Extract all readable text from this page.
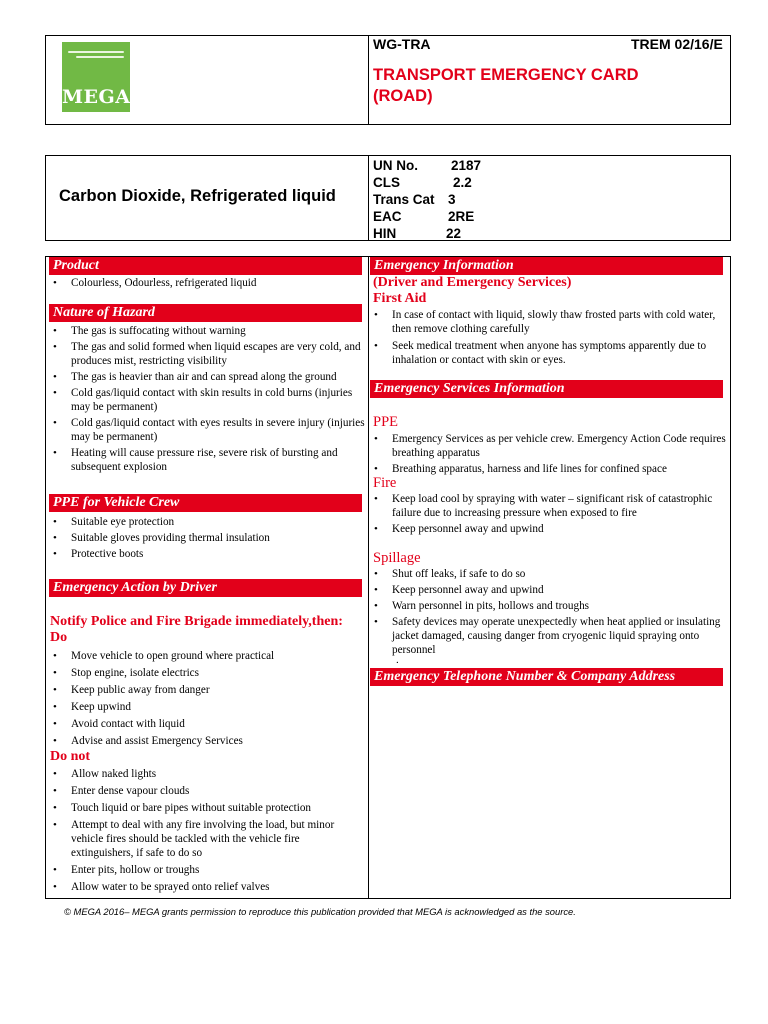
MEGA
WG-TRA	TREM 02/16/E
TRANSPORT EMERGENCY CARD
(ROAD)
Carbon Dioxide, Refrigerated liquid
UN No. 2187
CLS	2.2
Trans Cat 3
EAC	2RE
HIN	22
Product
• Colourless, Odourless, refrigerated liquid
Nature of Hazard
• The gas is suffocating without warning
• The gas and solid formed when liquid escapes are very cold, and produces mist, restricting visibility
• The gas is heavier than air and can spread along the ground
• Cold gas/liquid contact with skin results in cold burns (injuries may be permanent)
• Cold gas/liquid contact with eyes results in severe injury (injuries may be permanent)
• Heating will cause pressure rise, severe risk of bursting and subsequent explosion
PPE for Vehicle Crew
• Suitable eye protection
• Suitable gloves providing thermal insulation
• Protective boots
Emergency Action by Driver
Notify Police and Fire Brigade immediately,then:
Do
• Move vehicle to open ground where practical
• Stop engine, isolate electrics
• Keep public away from danger
• Keep upwind
• Avoid contact with liquid
• Advise and assist Emergency Services
Do not
• Allow naked lights
• Enter dense vapour clouds
• Touch liquid or bare pipes without suitable protection
• Attempt to deal with any fire involving the load, but minor vehicle fires should be tackled with the vehicle fire extinguishers, if safe to do so
• Enter pits, hollow or troughs
• Allow water to be sprayed onto relief valves
Emergency Information
(Driver and Emergency Services)
First Aid
• In case of contact with liquid, slowly thaw frosted parts with cold water, then remove clothing carefully
• Seek medical treatment when anyone has symptoms apparently due to inhalation or contact with skin or eyes.
Emergency Services Information
PPE
• Emergency Services as per vehicle crew. Emergency Action Code requires breathing apparatus
• Breathing apparatus, harness and life lines for confined space
Fire
• Keep load cool by spraying with water – significant risk of catastrophic failure due to increasing pressure when exposed to fire
• Keep personnel away and upwind
Spillage
• Shut off leaks, if safe to do so
• Keep personnel away and upwind
• Warn personnel in pits, hollows and troughs
• Safety devices may operate unexpectedly when heat applied or insulating jacket damaged, causing danger from cryogenic liquid spraying onto personnel
.
Emergency Telephone Number & Company Address
© MEGA 2016– MEGA grants permission to reproduce this publication provided that MEGA is acknowledged as the source.
